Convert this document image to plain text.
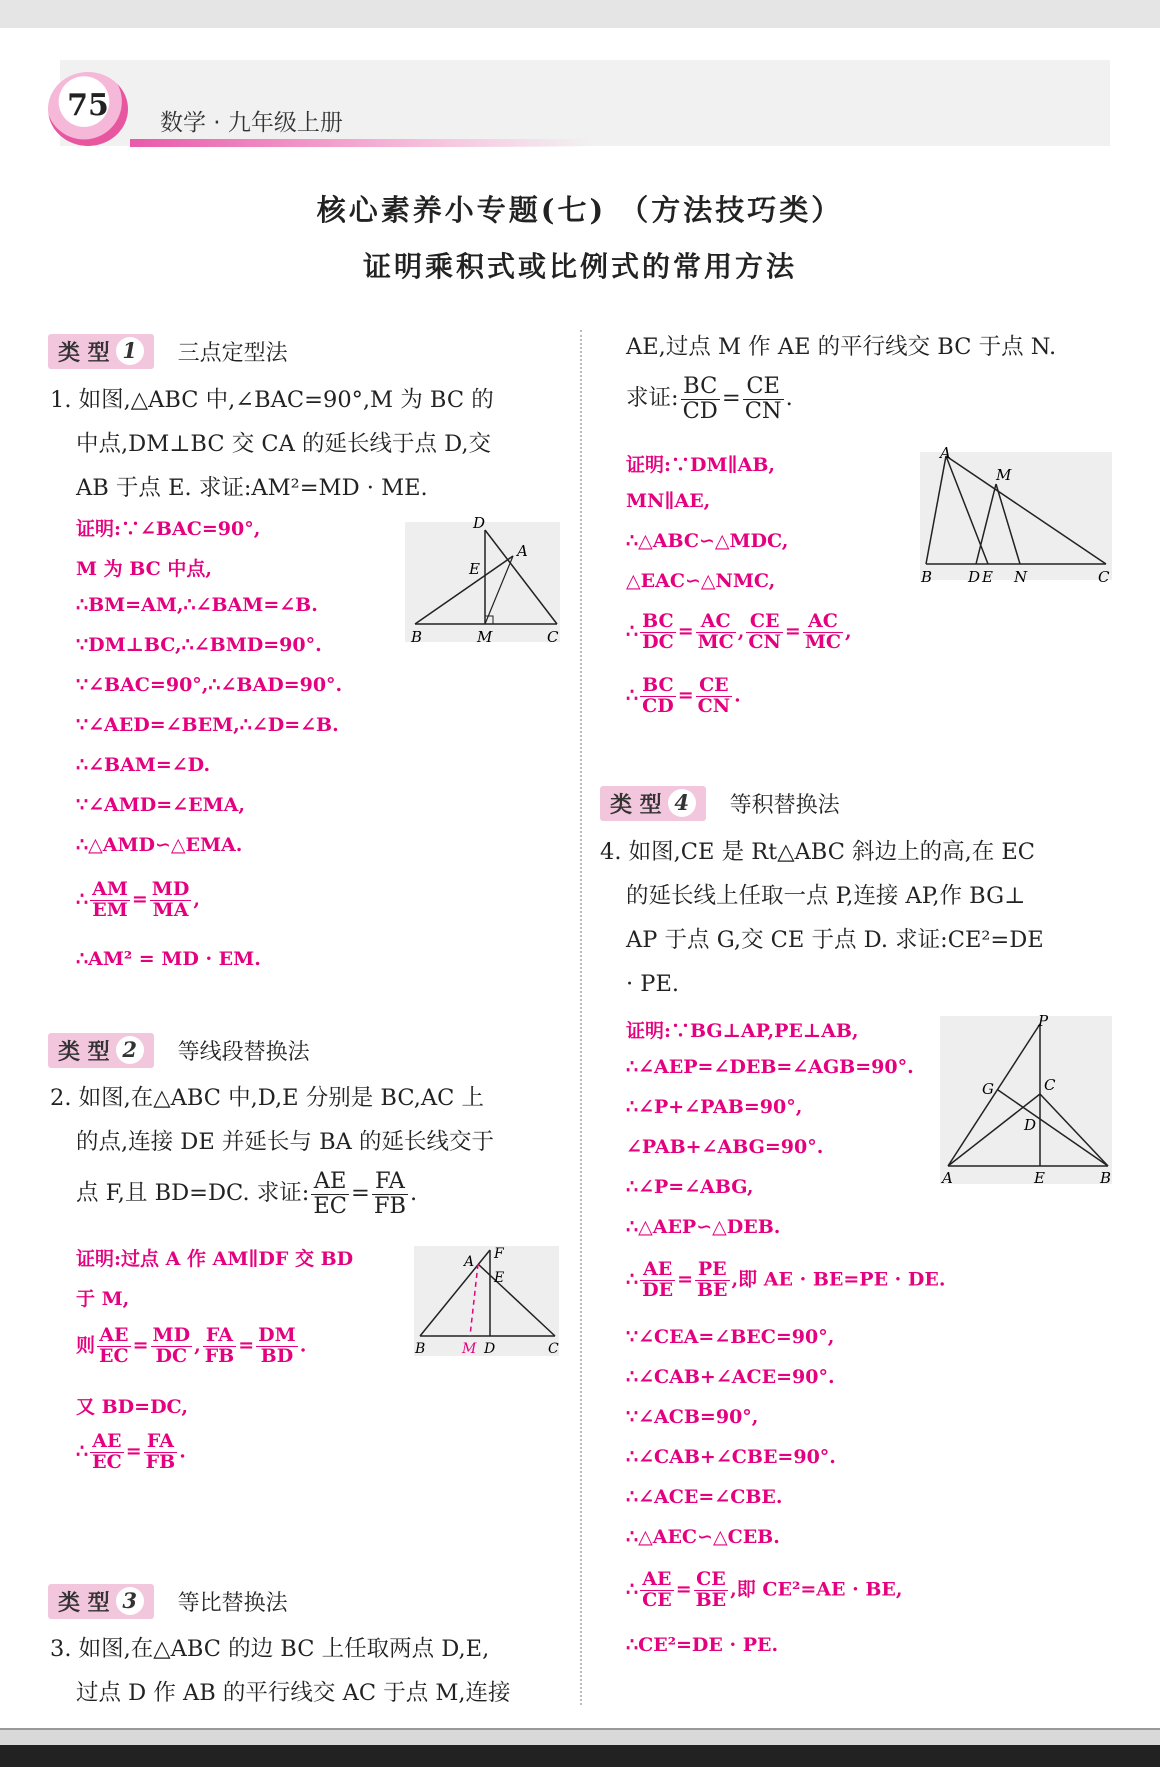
75	数学 · 九年级上册
核心素养小专题(七) （方法技巧类）
证明乘积式或比例式的常用方法
类 型 1	三点定型法
1. 如图,△ABC 中,∠BAC=90°,M 为 BC 的
中点,DM⊥BC 交 CA 的延长线于点 D,交
AB 于点 E. 求证:AM²=MD · ME.
证明:∵∠BAC=90°,
M 为 BC 中点,
∴BM=AM,∴∠BAM=∠B.
∵DM⊥BC,∴∠BMD=90°.
∵∠BAC=90°,∴∠BAD=90°.
∵∠AED=∠BEM,∴∠D=∠B.
∴∠BAM=∠D.
∵∠AMD=∠EMA,
∴△AMD∽△EMA.
∴ $\frac{AM}{EM} = \frac{MD}{MA}$ ,
∴AM² = MD · EM.
D
A
E
B	M	C
类 型 2	等线段替换法
2. 如图,在△ABC 中,D,E 分别是 BC,AC 上
的点,连接 DE 并延长与 BA 的延长线交于
点 F,且 BD=DC. 求证: $\frac{AE}{EC} = \frac{FA}{FB}$ .
证明:过点 A 作 AM∥DF 交 BD
于 M,
则 $\frac{AE}{EC} = \frac{MD}{DC}$ , $\frac{FA}{FB} = \frac{DM}{BD}$ .
又 BD=DC,
∴ $\frac{AE}{EC} = \frac{FA}{FB}$ .
F
A
E
B	M D	C
类 型 3	等比替换法
3. 如图,在△ABC 的边 BC 上任取两点 D,E,
过点 D 作 AB 的平行线交 AC 于点 M,连接
AE,过点 M 作 AE 的平行线交 BC 于点 N.
求证: $\frac{BC}{CD} = \frac{CE}{CN}$ .
证明:∵DM∥AB,
MN∥AE,
∴△ABC∽△MDC,
△EAC∽△NMC,
∴ $\frac{BC}{DC} = \frac{AC}{MC}$ , $\frac{CE}{CN} = \frac{AC}{MC}$ ,
∴ $\frac{BC}{CD} = \frac{CE}{CN}$ .
A
M
B D E N	C
类 型 4	等积替换法
4. 如图,CE 是 Rt△ABC 斜边上的高,在 EC
的延长线上任取一点 P,连接 AP,作 BG⊥
AP 于点 G,交 CE 于点 D. 求证:CE²=DE
· PE.
证明:∵BG⊥AP,PE⊥AB,
∴∠AEP=∠DEB=∠AGB=90°.
∴∠P+∠PAB=90°,
∠PAB+∠ABG=90°.
∴∠P=∠ABG,
∴△AEP∽△DEB.
∴ $\frac{AE}{DE} = \frac{PE}{BE}$ ,即 AE · BE=PE · DE.
∵∠CEA=∠BEC=90°,
∴∠CAB+∠ACE=90°.
∵∠ACB=90°,
∴∠CAB+∠CBE=90°.
∴∠ACE=∠CBE.
∴△AEC∽△CEB.
∴ $\frac{AE}{CE} = \frac{CE}{BE}$ ,即 CE²=AE · BE,
∴CE²=DE · PE.
P
G	C
D
A	E	B
